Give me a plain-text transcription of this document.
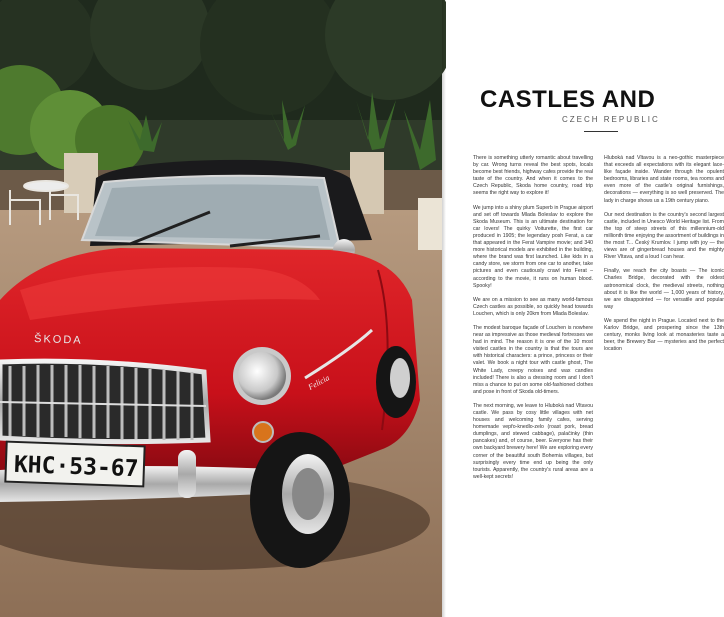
ŠKODA
Felicia
KHC·53-67
CASTLES AND
CZECH REPUBLIC

There is something utterly romantic about travelling by car. Wrong turns reveal the best spots, locals become best friends, highway cafes provide the real taste of the country. And when it comes to the Czech Republic, Skoda home country, road trip seems the right way to explore it!

We jump into a shiny plum Superb in Prague airport and set off towards Mlada Boleslav to explore the Skoda Museum. This is an ultimate destination for car lovers! The quirky Voiturette, the first car produced in 1905; the legendary posh Ferat, a car that appeared in the Ferat Vampire movie; and 340 more historical models are exhibited in the building, where the brand was first launched. Like kids in a candy store, we storm from one car to another, take pictures and even cautiously crawl into Ferat – according to the movie, it runs on human blood. Spooky!

We are on a mission to see as many world-famous Czech castles as possible, so quickly head towards Louchen, which is only 20km from Mlada Boleslav.

The modest baroque façade of Louchen is nowhere near as impressive as those medieval fortresses we had in mind. The reason it is one of the 10 most visited castles in the country is that the tours are with historical characters: a prince, princess or their valet. We book a night tour with castle ghost, The White Lady, creepy noises and wax candles included! There is also a dressing room and I don't miss a chance to put on some old-fashioned clothes and pose in front of Skoda old-timers.

The next morning, we leave to Hluboká nad Vltavou castle. We pass by cosy little villages with net houses and welcoming family cafes, serving homemade vepřo-knedlo-zelo (roast pork, bread dumplings, and stewed cabbage), palačinky (thin pancakes) and, of course, beer. Everyone has their own backyard brewery here! We are exploring every corner of the beautiful south Bohemia villages, but surprisingly every time end up being the only tourists. Apparently, the country's rural areas are a well-kept secrets!

Hluboká nad Vltavou is a neo-gothic masterpiece that exceeds all expectations with its elegant lace-like façade inside. Wander through the opulent bedrooms, libraries and state rooms, tea rooms and even more of the castle's original furnishings, decorations — everything is so well preserved. The lady in charge shows us a 19th century piano.

Our next destination is the country's second largest castle, included in Unesco World Heritage list. From the top of steep streets of this millennium-old millionth time enjoying the assortment of buildings in the most T... Český Krumlov. I jump with joy — the views are of gingerbread houses and the mighty River Vltava, and a loud I can hear.

Finally, we reach the city boasts — The iconic Charles Bridge, decorated with the oldest astronomical clock, the medieval streets, nothing about it is like the world — 1,000 years of history, we are disappointed — for versatile and popular way

We spend the night in Prague. Located next to the Karlov Bridge, and prospering since the 13th century, monks living look at monasteries taste a beer, the Brewery Bar — mysteries and the perfect location
